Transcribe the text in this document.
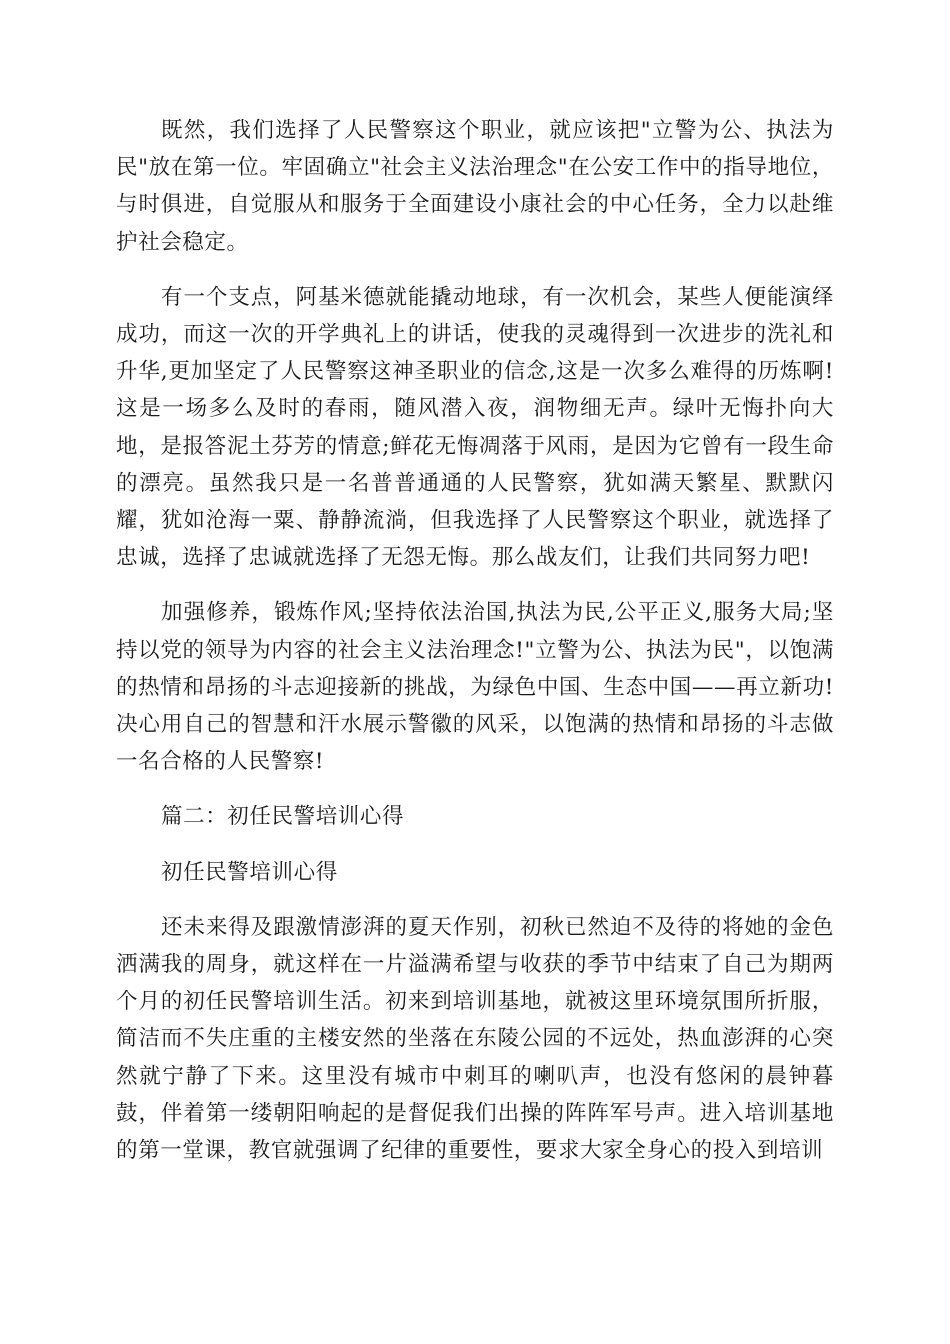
既然，我们选择了人民警察这个职业，就应该把"立警为公、执法为民"放在第一位。牢固确立"社会主义法治理念"在公安工作中的指导地位，与时俱进，自觉服从和服务于全面建设小康社会的中心任务，全力以赴维护社会稳定。

有一个支点，阿基米德就能撬动地球，有一次机会，某些人便能演绎成功，而这一次的开学典礼上的讲话，使我的灵魂得到一次进步的洗礼和升华,更加坚定了人民警察这神圣职业的信念,这是一次多么难得的历炼啊!这是一场多么及时的春雨，随风潜入夜，润物细无声。绿叶无悔扑向大地，是报答泥土芬芳的情意;鲜花无悔凋落于风雨，是因为它曾有一段生命的漂亮。虽然我只是一名普普通通的人民警察，犹如满天繁星、默默闪耀，犹如沧海一粟、静静流淌，但我选择了人民警察这个职业，就选择了忠诚，选择了忠诚就选择了无怨无悔。那么战友们，让我们共同努力吧!

加强修养，锻炼作风;坚持依法治国,执法为民,公平正义,服务大局;坚持以党的领导为内容的社会主义法治理念!"立警为公、执法为民"，以饱满的热情和昂扬的斗志迎接新的挑战，为绿色中国、生态中国——再立新功!决心用自己的智慧和汗水展示警徽的风采，以饱满的热情和昂扬的斗志做一名合格的人民警察!

篇二：初任民警培训心得

初任民警培训心得

还未来得及跟激情澎湃的夏天作别，初秋已然迫不及待的将她的金色洒满我的周身，就这样在一片溢满希望与收获的季节中结束了自己为期两个月的初任民警培训生活。初来到培训基地，就被这里环境氛围所折服，简洁而不失庄重的主楼安然的坐落在东陵公园的不远处，热血澎湃的心突然就宁静了下来。这里没有城市中刺耳的喇叭声，也没有悠闲的晨钟暮鼓，伴着第一缕朝阳响起的是督促我们出操的阵阵军号声。进入培训基地的第一堂课，教官就强调了纪律的重要性，要求大家全身心的投入到培训
